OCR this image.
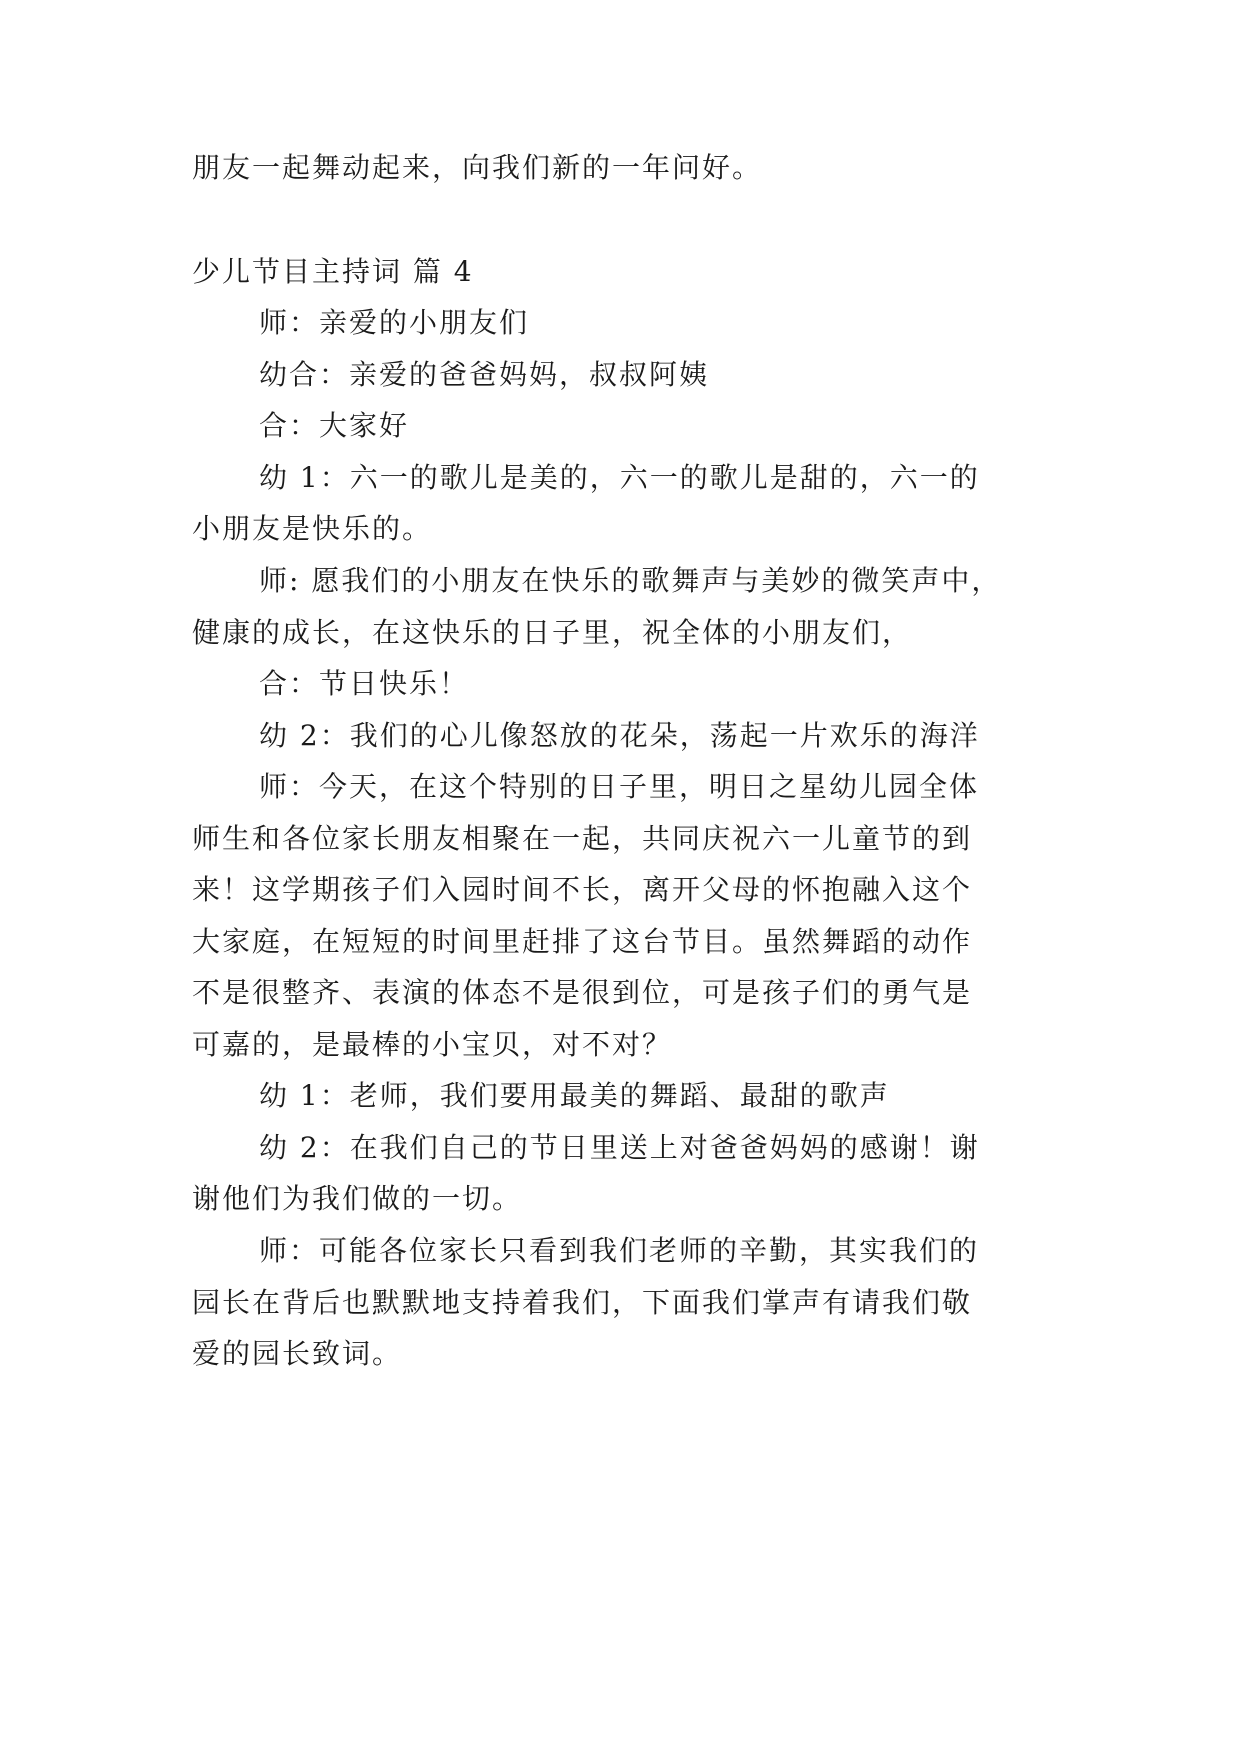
朋友一起舞动起来，向我们新的一年问好。
少儿节目主持词 篇 4
师：亲爱的小朋友们
幼合：亲爱的爸爸妈妈，叔叔阿姨
合：大家好
幼 1：六一的歌儿是美的，六一的歌儿是甜的，六一的
小朋友是快乐的。
师: 愿我们的小朋友在快乐的歌舞声与美妙的微笑声中，
健康的成长，在这快乐的日子里，祝全体的小朋友们，
合：节日快乐！
幼 2：我们的心儿像怒放的花朵，荡起一片欢乐的海洋
师：今天，在这个特别的日子里，明日之星幼儿园全体
师生和各位家长朋友相聚在一起，共同庆祝六一儿童节的到
来！这学期孩子们入园时间不长，离开父母的怀抱融入这个
大家庭，在短短的时间里赶排了这台节目。虽然舞蹈的动作
不是很整齐、表演的体态不是很到位，可是孩子们的勇气是
可嘉的，是最棒的小宝贝，对不对？
幼 1：老师，我们要用最美的舞蹈、最甜的歌声
幼 2：在我们自己的节日里送上对爸爸妈妈的感谢！谢
谢他们为我们做的一切。
师：可能各位家长只看到我们老师的辛勤，其实我们的
园长在背后也默默地支持着我们，下面我们掌声有请我们敬
爱的园长致词。
